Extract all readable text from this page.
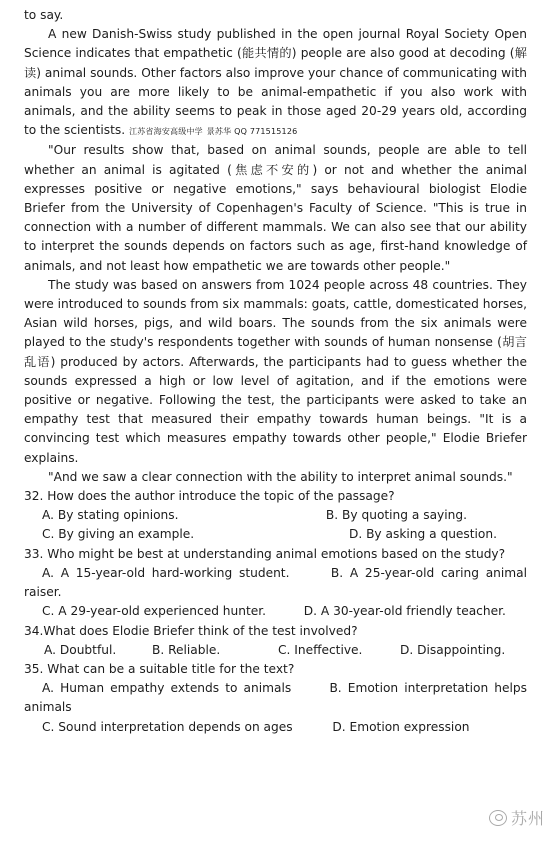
to say.

A new Danish-Swiss study published in the open journal Royal Society Open Science indicates that empathetic (能共情的) people are also good at decoding (解读) animal sounds. Other factors also improve your chance of communicating with animals you are more likely to be animal-empathetic if you also work with animals, and the ability seems to peak in those aged 20-29 years old, according to the scientists. 江苏省海安高级中学 景苏华 QQ 771515126

"Our results show that, based on animal sounds, people are able to tell whether an animal is agitated (焦虑不安的) or not and whether the animal expresses positive or negative emotions," says behavioural biologist Elodie Briefer from the University of Copenhagen's Faculty of Science. "This is true in connection with a number of different mammals. We can also see that our ability to interpret the sounds depends on factors such as age, first-hand knowledge of animals, and not least how empathetic we are towards other people."

The study was based on answers from 1024 people across 48 countries. They were introduced to sounds from six mammals: goats, cattle, domesticated horses, Asian wild horses, pigs, and wild boars. The sounds from the six animals were played to the study's respondents together with sounds of human nonsense (胡言乱语) produced by actors. Afterwards, the participants had to guess whether the sounds expressed a high or low level of agitation, and if the emotions were positive or negative. Following the test, the participants were asked to take an empathy test that measured their empathy towards human beings. "It is a convincing test which measures empathy towards other people," Elodie Briefer explains.

"And we saw a clear connection with the ability to interpret animal sounds."

32. How does the author introduce the topic of the passage?

A. By stating opinions.	B. By quoting a saying.
C. By giving an example.	D. By asking a question.

33. Who might be best at understanding animal emotions based on the study?

A. A 15-year-old hard-working student.	B. A 25-year-old caring animal raiser.

C. A 29-year-old experienced hunter.	D. A 30-year-old friendly teacher.

34.What does Elodie Briefer think of the test involved?

A. Doubtful.	B. Reliable.	C. Ineffective.	D. Disappointing.

35. What can be a suitable title for the text?

A. Human empathy extends to animals	B. Emotion interpretation helps animals

C. Sound interpretation depends on ages	D. Emotion expression

苏州
